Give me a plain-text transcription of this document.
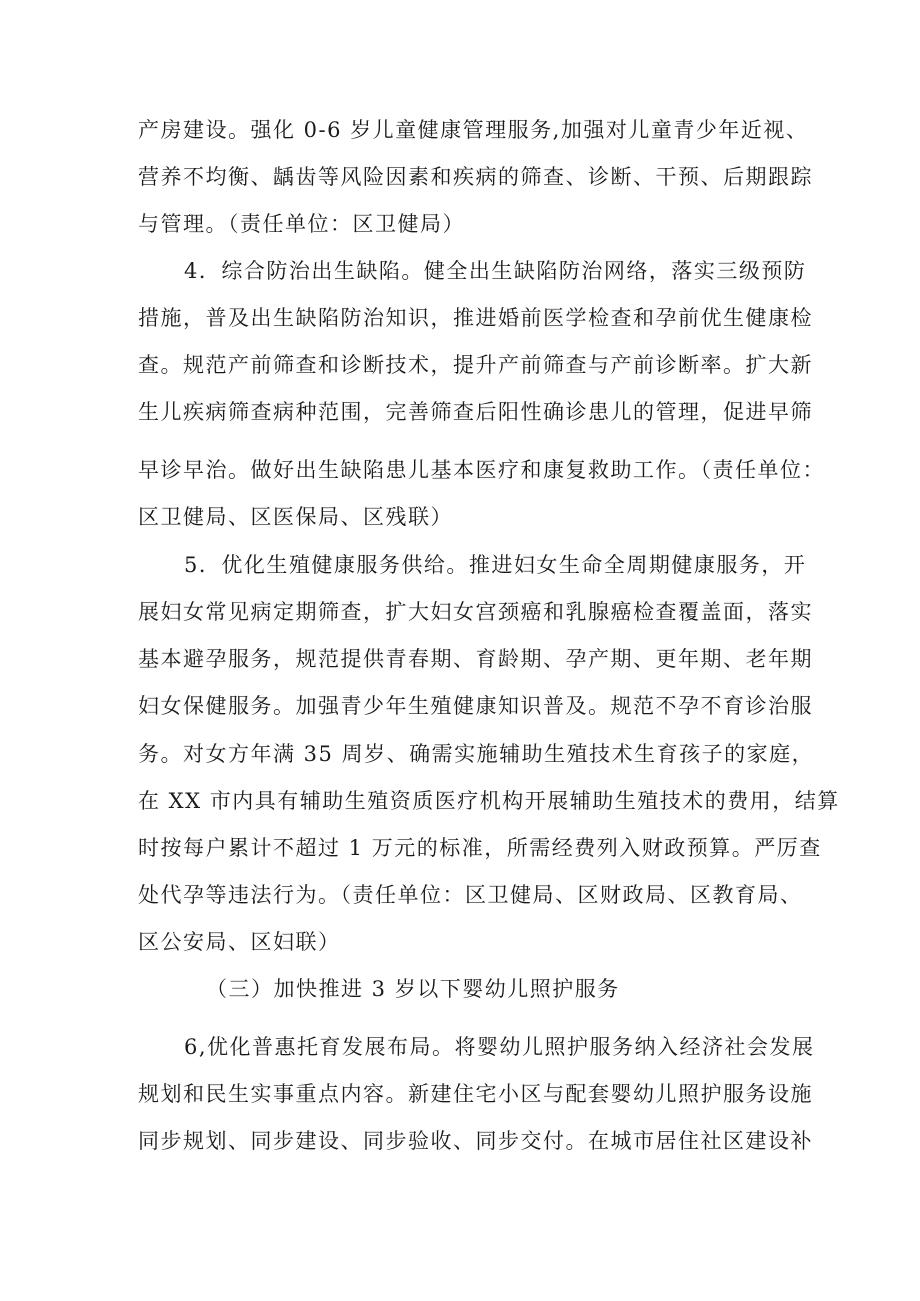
产房建设。强化 0-6 岁儿童健康管理服务,加强对儿童青少年近视、
营养不均衡、龋齿等风险因素和疾病的筛查、诊断、干预、后期跟踪
与管理。（责任单位：区卫健局）
4．综合防治出生缺陷。健全出生缺陷防治网络，落实三级预防
措施，普及出生缺陷防治知识，推进婚前医学检查和孕前优生健康检
查。规范产前筛查和诊断技术，提升产前筛查与产前诊断率。扩大新
生儿疾病筛查病种范围，完善筛查后阳性确诊患儿的管理，促进早筛
早诊早治。做好出生缺陷患儿基本医疗和康复救助工作。（责任单位：
区卫健局、区医保局、区残联）
5．优化生殖健康服务供给。推进妇女生命全周期健康服务，开
展妇女常见病定期筛查，扩大妇女宫颈癌和乳腺癌检查覆盖面，落实
基本避孕服务，规范提供青春期、育龄期、孕产期、更年期、老年期
妇女保健服务。加强青少年生殖健康知识普及。规范不孕不育诊治服
务。对女方年满 35 周岁、确需实施辅助生殖技术生育孩子的家庭，
在 XX 市内具有辅助生殖资质医疗机构开展辅助生殖技术的费用，结算
时按每户累计不超过 1 万元的标准，所需经费列入财政预算。严厉查
处代孕等违法行为。（责任单位：区卫健局、区财政局、区教育局、
区公安局、区妇联）
（三）加快推进 3 岁以下婴幼儿照护服务
6,优化普惠托育发展布局。将婴幼儿照护服务纳入经济社会发展
规划和民生实事重点内容。新建住宅小区与配套婴幼儿照护服务设施
同步规划、同步建设、同步验收、同步交付。在城市居住社区建设补
